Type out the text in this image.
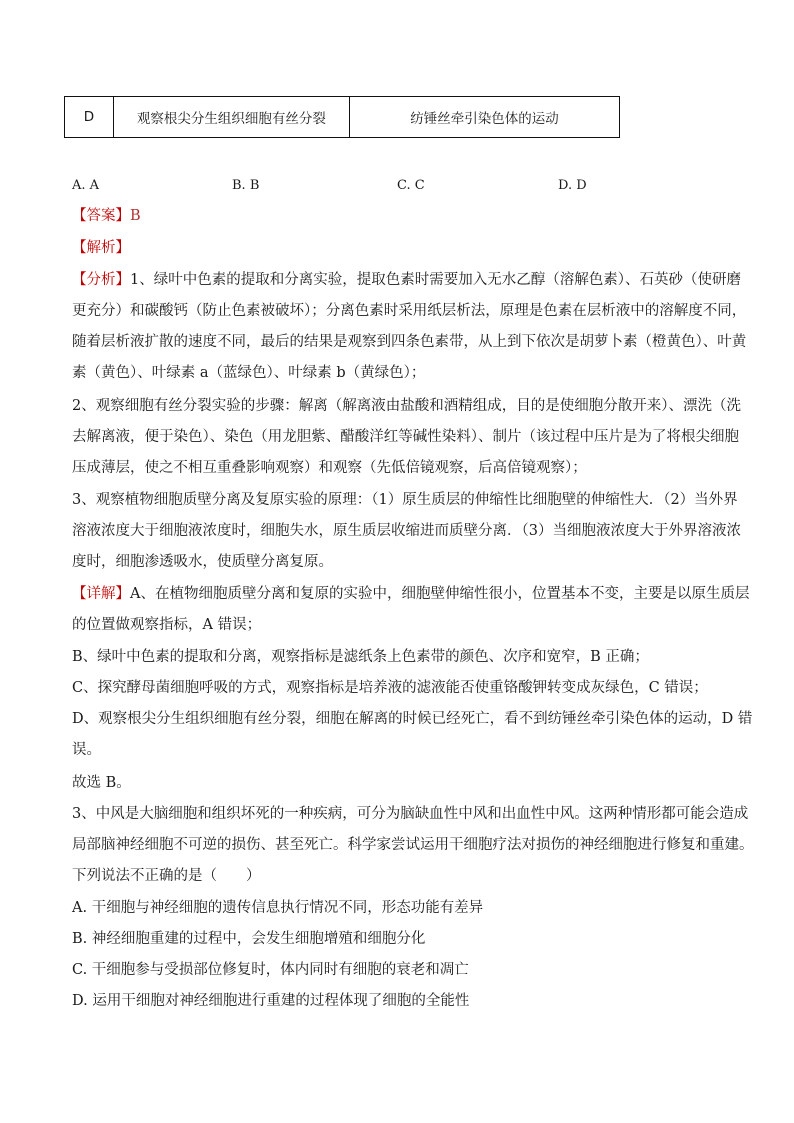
D	观察根尖分生组织细胞有丝分裂	纺锤丝牵引染色体的运动
A. A	B. B	C. C	D. D
【答案】B
【解析】
【分析】1、绿叶中色素的提取和分离实验，提取色素时需要加入无水乙醇（溶解色素）、石英砂（使研磨
更充分）和碳酸钙（防止色素被破坏）；分离色素时采用纸层析法，原理是色素在层析液中的溶解度不同，
随着层析液扩散的速度不同，最后的结果是观察到四条色素带，从上到下依次是胡萝卜素（橙黄色）、叶黄
素（黄色）、叶绿素 a（蓝绿色）、叶绿素 b（黄绿色）；
2、观察细胞有丝分裂实验的步骤：解离（解离液由盐酸和酒精组成，目的是使细胞分散开来）、漂洗（洗
去解离液，便于染色）、染色（用龙胆紫、醋酸洋红等碱性染料）、制片（该过程中压片是为了将根尖细胞
压成薄层，使之不相互重叠影响观察）和观察（先低倍镜观察，后高倍镜观察）；
3、观察植物细胞质壁分离及复原实验的原理：（1）原生质层的伸缩性比细胞壁的伸缩性大．（2）当外界
溶液浓度大于细胞液浓度时，细胞失水，原生质层收缩进而质壁分离．（3）当细胞液浓度大于外界溶液浓
度时，细胞渗透吸水，使质壁分离复原。
【详解】A、在植物细胞质壁分离和复原的实验中，细胞壁伸缩性很小，位置基本不变，主要是以原生质层
的位置做观察指标，A 错误；
B、绿叶中色素的提取和分离，观察指标是滤纸条上色素带的颜色、次序和宽窄，B 正确；
C、探究酵母菌细胞呼吸的方式，观察指标是培养液的滤液能否使重铬酸钾转变成灰绿色，C 错误；
D、观察根尖分生组织细胞有丝分裂，细胞在解离的时候已经死亡，看不到纺锤丝牵引染色体的运动，D 错
误。
故选 B。
3、中风是大脑细胞和组织坏死的一种疾病，可分为脑缺血性中风和出血性中风。这两种情形都可能会造成
局部脑神经细胞不可逆的损伤、甚至死亡。科学家尝试运用干细胞疗法对损伤的神经细胞进行修复和重建。
下列说法不正确的是（　　）
A. 干细胞与神经细胞的遗传信息执行情况不同，形态功能有差异
B. 神经细胞重建的过程中，会发生细胞增殖和细胞分化
C. 干细胞参与受损部位修复时，体内同时有细胞的衰老和凋亡
D. 运用干细胞对神经细胞进行重建的过程体现了细胞的全能性
